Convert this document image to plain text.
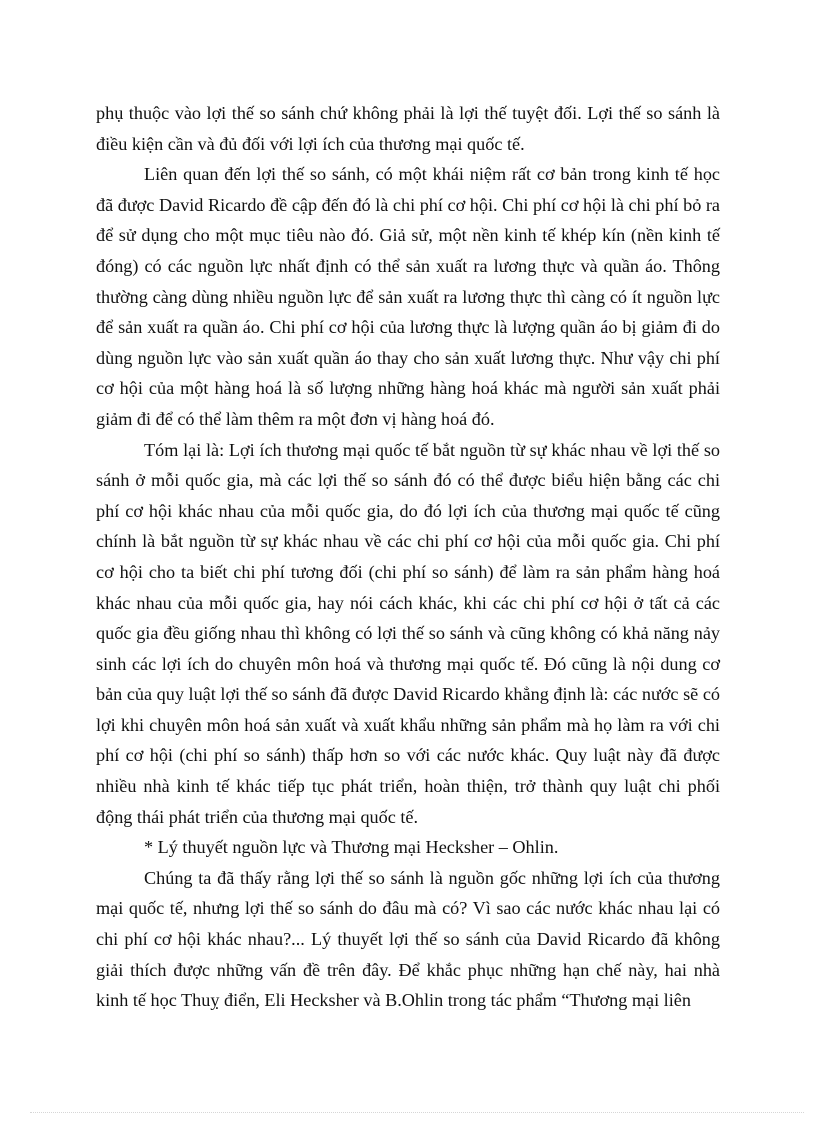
phụ thuộc vào lợi thế so sánh chứ không phải là lợi thế tuyệt đối. Lợi thế so sánh là điều kiện cần và đủ đối với lợi ích của thương mại quốc tế.

Liên quan đến lợi thế so sánh, có một khái niệm rất cơ bản trong kinh tế học đã được David Ricardo đề cập đến đó là chi phí cơ hội. Chi phí cơ hội là chi phí bỏ ra để sử dụng cho một mục tiêu nào đó. Giả sử, một nền kinh tế khép kín (nền kinh tế đóng) có các nguồn lực nhất định có thể sản xuất ra lương thực và quần áo. Thông thường càng dùng nhiều nguồn lực để sản xuất ra lương thực thì càng có ít nguồn lực để sản xuất ra quần áo. Chi phí cơ hội của lương thực là lượng quần áo bị giảm đi do dùng nguồn lực vào sản xuất quần áo thay cho sản xuất lương thực. Như vậy chi phí cơ hội của một hàng hoá là số lượng những hàng hoá khác mà người sản xuất phải giảm đi để có thể làm thêm ra một đơn vị hàng hoá đó.

Tóm lại là: Lợi ích thương mại quốc tế bắt nguồn từ sự khác nhau về lợi thế so sánh ở mỗi quốc gia, mà các lợi thế so sánh đó có thể được biểu hiện bằng các chi phí cơ hội khác nhau của mỗi quốc gia, do đó lợi ích của thương mại quốc tế cũng chính là bắt nguồn từ sự khác nhau về các chi phí cơ hội của mỗi quốc gia. Chi phí cơ hội cho ta biết chi phí tương đối (chi phí so sánh) để làm ra sản phẩm hàng hoá khác nhau của mỗi quốc gia, hay nói cách khác, khi các chi phí cơ hội ở tất cả các quốc gia đều giống nhau thì không có lợi thế so sánh và cũng không có khả năng nảy sinh các lợi ích do chuyên môn hoá và thương mại quốc tế. Đó cũng là nội dung cơ bản của quy luật lợi thế so sánh đã được David Ricardo khẳng định là: các nước sẽ có lợi khi chuyên môn hoá sản xuất và xuất khẩu những sản phẩm mà họ làm ra với chi phí cơ hội (chi phí so sánh) thấp hơn so với các nước khác. Quy luật này đã được nhiều nhà kinh tế khác tiếp tục phát triển, hoàn thiện, trở thành quy luật chi phối động thái phát triển của thương mại quốc tế.

* Lý thuyết nguồn lực và Thương mại Hecksher – Ohlin.

Chúng ta đã thấy rằng lợi thế so sánh là nguồn gốc những lợi ích của thương mại quốc tế, nhưng lợi thế so sánh do đâu mà có? Vì sao các nước khác nhau lại có chi phí cơ hội khác nhau?... Lý thuyết lợi thế so sánh của David Ricardo đã không giải thích được những vấn đề trên đây. Để khắc phục những hạn chế này, hai nhà kinh tế học Thuỵ điển, Eli Hecksher và B.Ohlin trong tác phẩm “Thương mại liên
